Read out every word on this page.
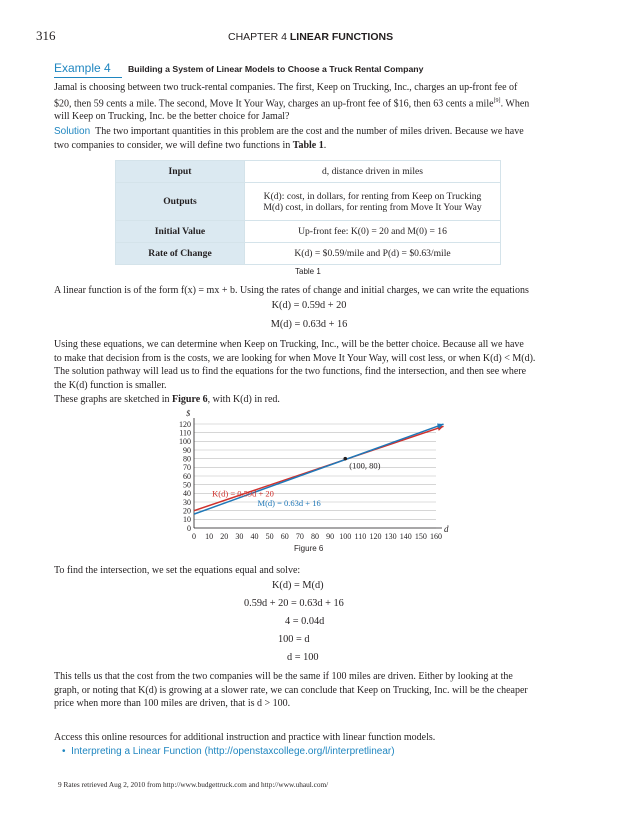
316	CHAPTER 4 LINEAR FUNCTIONS
Example 4 Building a System of Linear Models to Choose a Truck Rental Company
Jamal is choosing between two truck-rental companies. The first, Keep on Trucking, Inc., charges an up-front fee of
$20, then 59 cents a mile. The second, Move It Your Way, charges an up-front fee of $16, then 63 cents a mile[9]. When
will Keep on Trucking, Inc. be the better choice for Jamal?
Solution The two important quantities in this problem are the cost and the number of miles driven. Because we have
two companies to consider, we will define two functions in Table 1.
Input	d, distance driven in miles
Outputs	K(d): cost, in dollars, for renting from Keep on Trucking
M(d) cost, in dollars, for renting from Move It Your Way

Initial Value	Up-front fee: K(0) = 20 and M(0) = 16
Rate of Change	K(d) = $0.59/mile and P(d) = $0.63/mile
Table 1
A linear function is of the form f(x) = mx + b. Using the rates of change and initial charges, we can write the equations
K(d) = 0.59d + 20
M(d) = 0.63d + 16
Using these equations, we can determine when Keep on Trucking, Inc., will be the better choice. Because all we have
to make that decision from is the costs, we are looking for when Move It Your Way, will cost less, or when K(d) < M(d).
The solution pathway will lead us to find the equations for the two functions, find the intersection, and then see where
the K(d) function is smaller.
These graphs are sketched in Figure 6, with K(d) in red.
0
10
20
30
40
50
60
70
80
90
100
110
120
0 10 20 30 40 50 60 70 80 90 100 110 120 130 140 150 160
$
d
K(d) = 0.59d + 20
M(d) = 0.63d + 16
(100, 80)
Figure 6
To find the intersection, we set the equations equal and solve:
K(d) = M(d)
0.59d + 20 = 0.63d + 16
4 = 0.04d
100 = d
d = 100
This tells us that the cost from the two companies will be the same if 100 miles are driven. Either by looking at the
graph, or noting that K(d) is growing at a slower rate, we can conclude that Keep on Trucking, Inc. will be the cheaper
price when more than 100 miles are driven, that is d > 100.
Access this online resources for additional instruction and practice with linear function models.
• Interpreting a Linear Function (http://openstaxcollege.org/l/interpretlinear)
9 Rates retrieved Aug 2, 2010 from http://www.budgettruck.com and http://www.uhaul.com/
